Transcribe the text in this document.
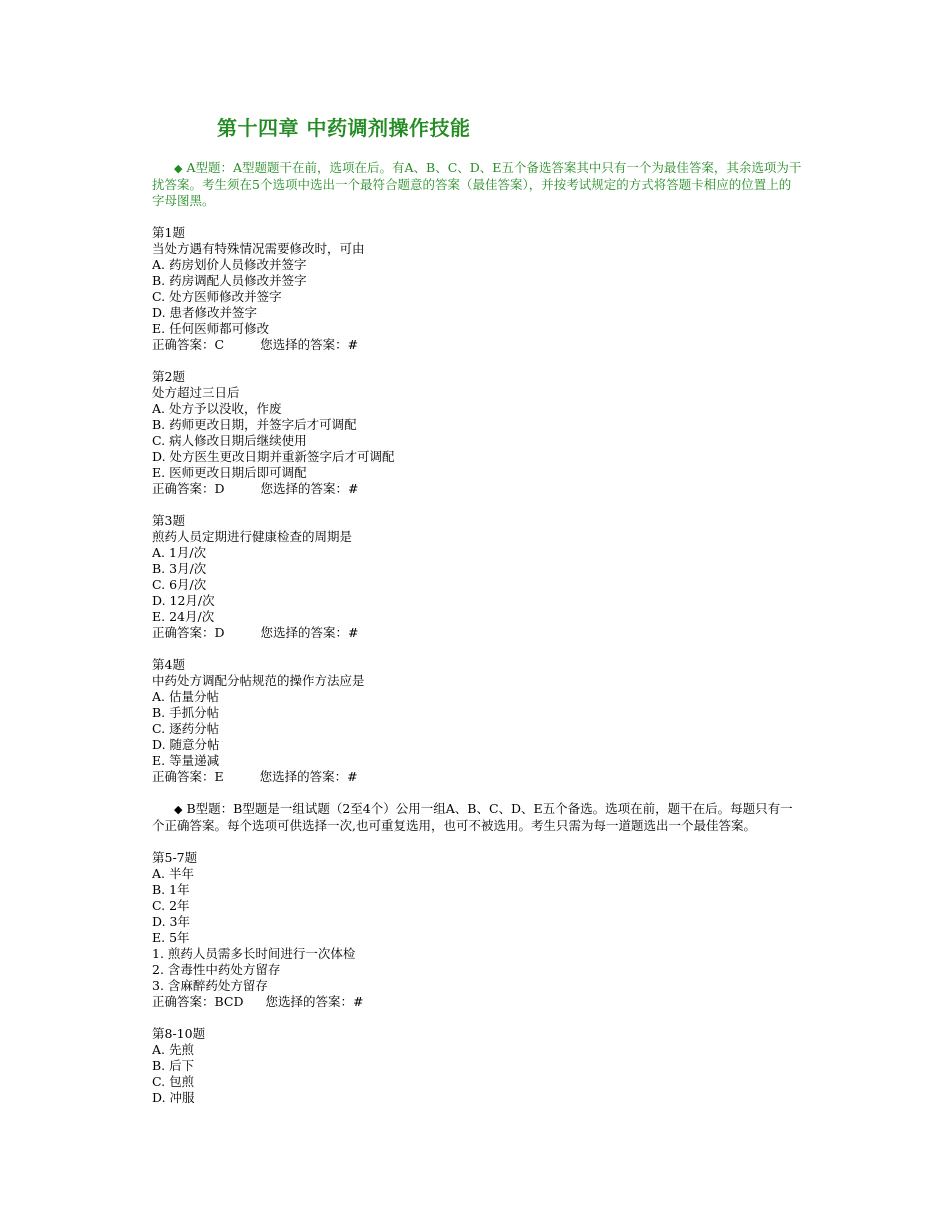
第十四章 中药调剂操作技能

◆ A型题：A型题题干在前，选项在后。有A、B、C、D、E五个备选答案其中只有一个为最佳答案，其余选项为干扰答案。考生须在5个选项中选出一个最符合题意的答案（最佳答案），并按考试规定的方式将答题卡相应的位置上的字母图黑。

第1题
当处方遇有特殊情况需要修改时，可由
A. 药房划价人员修改并签字
B. 药房调配人员修改并签字
C. 处方医师修改并签字
D. 患者修改并签字
E. 任何医师都可修改
正确答案：C	您选择的答案：#
第2题
处方超过三日后
A. 处方予以没收，作废
B. 药师更改日期，并签字后才可调配
C. 病人修改日期后继续使用
D. 处方医生更改日期并重新签字后才可调配
E. 医师更改日期后即可调配
正确答案：D	您选择的答案：#
第3题
煎药人员定期进行健康检查的周期是
A. 1月/次
B. 3月/次
C. 6月/次
D. 12月/次
E. 24月/次
正确答案：D	您选择的答案：#
第4题
中药处方调配分帖规范的操作方法应是
A. 估量分帖
B. 手抓分帖
C. 逐药分帖
D. 随意分帖
E. 等量递减
正确答案：E	您选择的答案：#

◆ B型题：B型题是一组试题（2至4个）公用一组A、B、C、D、E五个备选。选项在前，题干在后。每题只有一个正确答案。每个选项可供选择一次,也可重复选用，也可不被选用。考生只需为每一道题选出一个最佳答案。

第5-7题
A. 半年
B. 1年
C. 2年
D. 3年
E. 5年
1. 煎药人员需多长时间进行一次体检
2. 含毒性中药处方留存
3. 含麻醉药处方留存
正确答案：BCD 您选择的答案：#
第8-10题
A. 先煎
B. 后下
C. 包煎
D. 冲服
